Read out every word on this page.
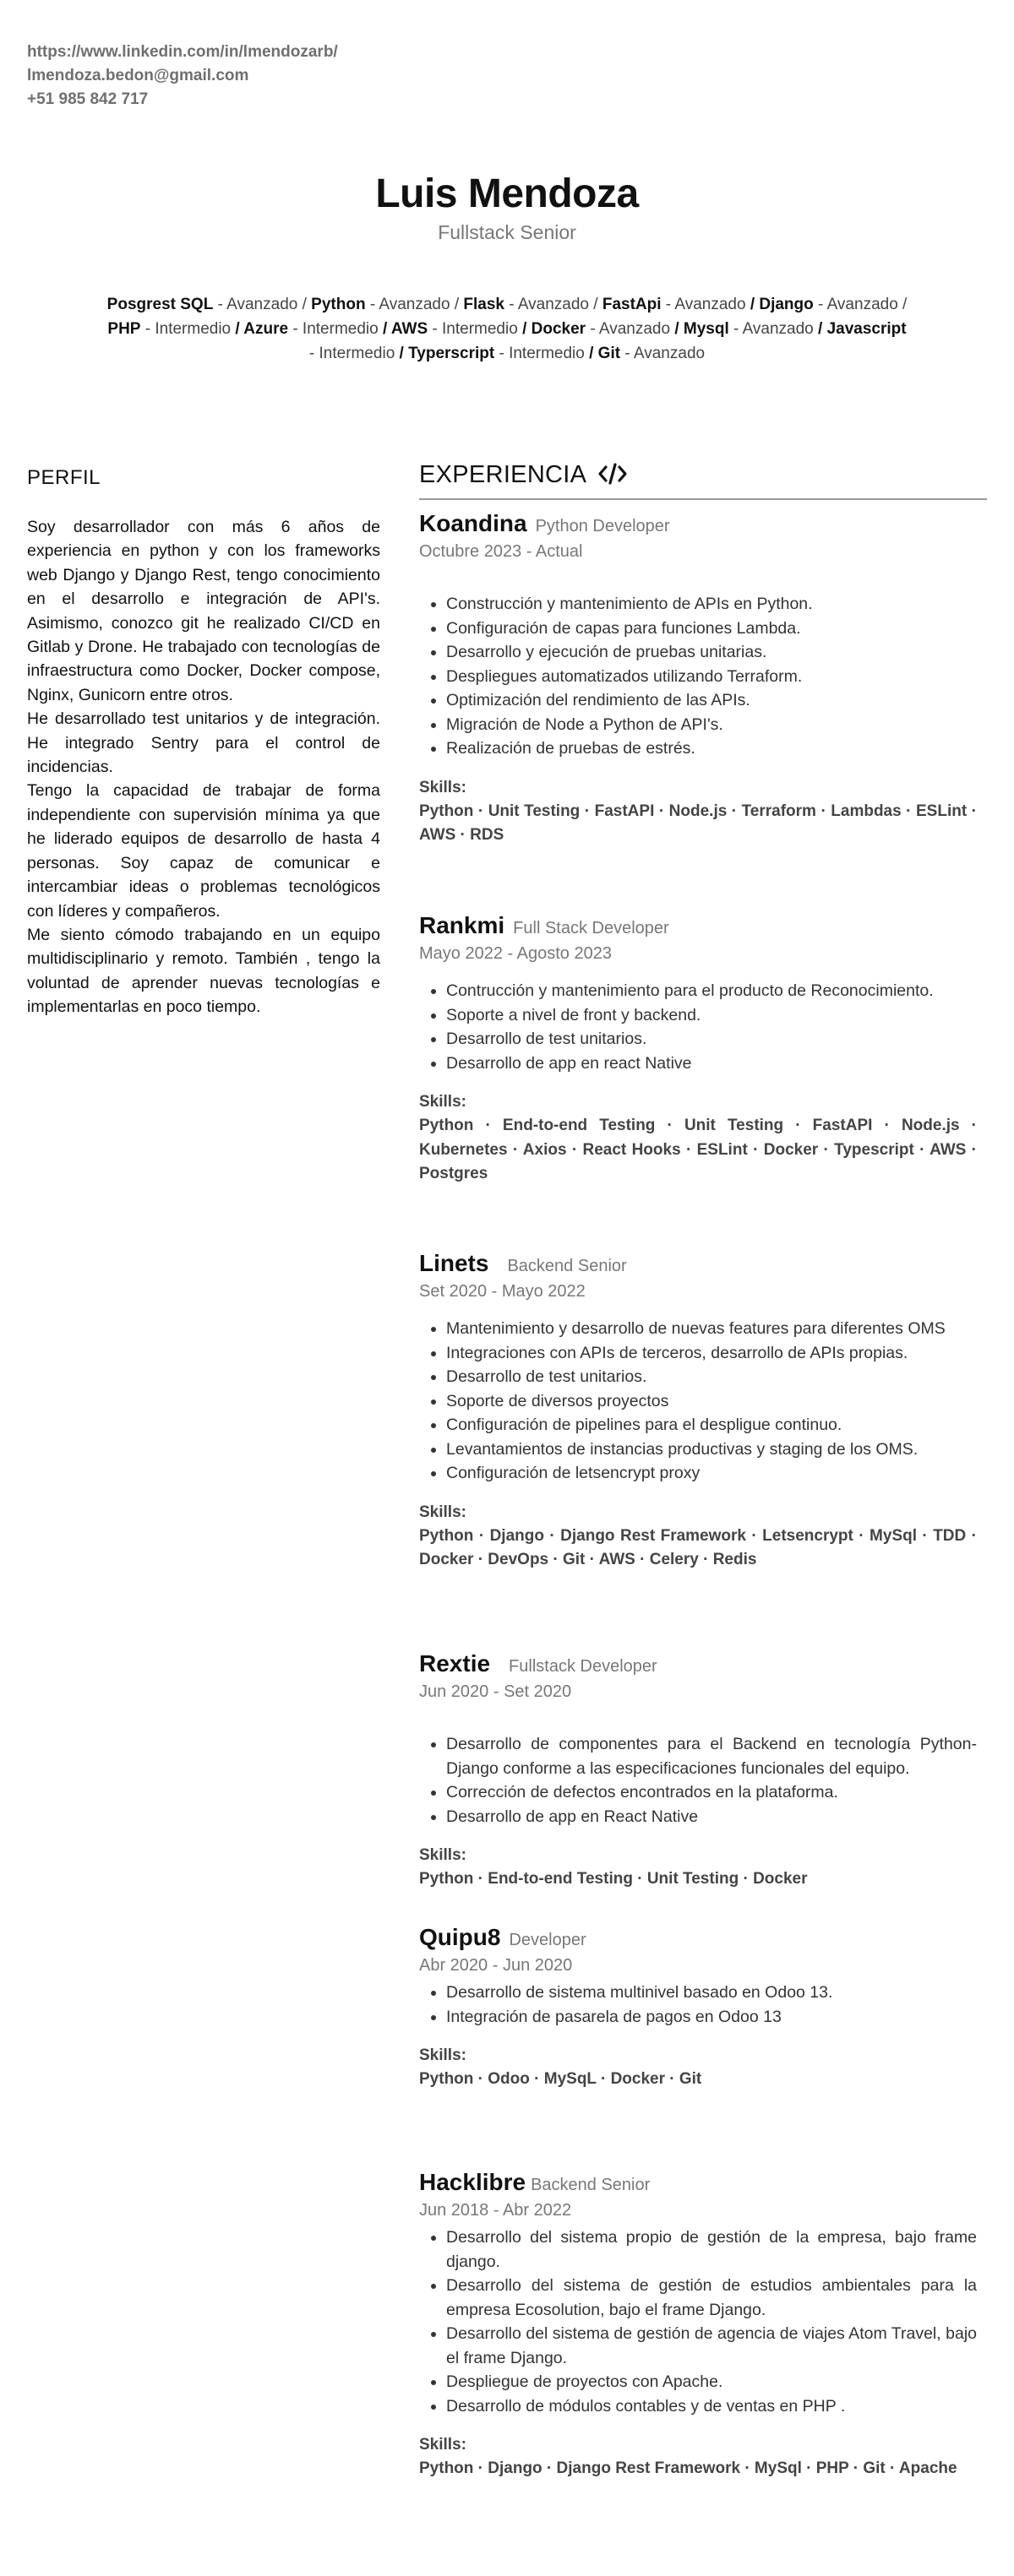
https://www.linkedin.com/in/lmendozarb/
lmendoza.bedon@gmail.com
+51 985 842 717
Luis Mendoza
Fullstack Senior
Posgrest SQL - Avanzado / Python - Avanzado / Flask - Avanzado / FastApi - Avanzado / Django - Avanzado /
PHP - Intermedio / Azure - Intermedio / AWS - Intermedio / Docker - Avanzado / Mysql - Avanzado / Javascript
- Intermedio / Typerscript - Intermedio / Git - Avanzado
PERFIL

Soy desarrollador con más 6 años de experiencia en python y con los frameworks web Django y Django Rest, tengo conocimiento en el desarrollo e integración de API's. Asimismo, conozco git he realizado CI/CD en Gitlab y Drone. He trabajado con tecnologías de infraestructura como Docker, Docker compose, Nginx, Gunicorn entre otros.

He desarrollado test unitarios y de integración. He integrado Sentry para el control de incidencias.

Tengo la capacidad de trabajar de forma independiente con supervisión mínima ya que he liderado equipos de desarrollo de hasta 4 personas. Soy capaz de comunicar e intercambiar ideas o problemas tecnológicos con líderes y compañeros.

Me siento cómodo trabajando en un equipo multidisciplinario y remoto. También , tengo la voluntad de aprender nuevas tecnologías e implementarlas en poco tiempo.

EXPERIENCIA
Koandina Python Developer
Octubre 2023 - Actual
• Construcción y mantenimiento de APIs en Python.
• Configuración de capas para funciones Lambda.
• Desarrollo y ejecución de pruebas unitarias.
• Despliegues automatizados utilizando Terraform.
• Optimización del rendimiento de las APIs.
• Migración de Node a Python de API's.
• Realización de pruebas de estrés.
Skills:
Python · Unit Testing · FastAPI · Node.js · Terraform · Lambdas · ESLint · AWS · RDS
Rankmi Full Stack Developer
Mayo 2022 - Agosto 2023
• Contrucción y mantenimiento para el producto de Reconocimiento.
• Soporte a nivel de front y backend.
• Desarrollo de test unitarios.
• Desarrollo de app en react Native
Skills:
Python · End-to-end Testing · Unit Testing · FastAPI · Node.js · Kubernetes · Axios · React Hooks · ESLint · Docker · Typescript · AWS · Postgres
Linets Backend Senior
Set 2020 - Mayo 2022
• Mantenimiento y desarrollo de nuevas features para diferentes OMS
• Integraciones con APIs de terceros, desarrollo de APIs propias.
• Desarrollo de test unitarios.
• Soporte de diversos proyectos
• Configuración de pipelines para el despligue continuo.
• Levantamientos de instancias productivas y staging de los OMS.
• Configuración de letsencrypt proxy
Skills:
Python · Django · Django Rest Framework · Letsencrypt · MySql · TDD · Docker · DevOps · Git · AWS · Celery · Redis
Rextie Fullstack Developer
Jun 2020 - Set 2020
• Desarrollo de componentes para el Backend en tecnología Python-Django conforme a las especificaciones funcionales del equipo.
• Corrección de defectos encontrados en la plataforma.
• Desarrollo de app en React Native
Skills:
Python · End-to-end Testing · Unit Testing · Docker
Quipu8 Developer
Abr 2020 - Jun 2020
• Desarrollo de sistema multinivel basado en Odoo 13.
• Integración de pasarela de pagos en Odoo 13
Skills:
Python · Odoo · MySqL · Docker · Git
Hacklibre Backend Senior
Jun 2018 - Abr 2022
• Desarrollo del sistema propio de gestión de la empresa, bajo frame django.
• Desarrollo del sistema de gestión de estudios ambientales para la empresa Ecosolution, bajo el frame Django.
• Desarrollo del sistema de gestión de agencia de viajes Atom Travel, bajo el frame Django.
• Despliegue de proyectos con Apache.
• Desarrollo de módulos contables y de ventas en PHP .
Skills:
Python · Django · Django Rest Framework · MySql · PHP · Git · Apache
